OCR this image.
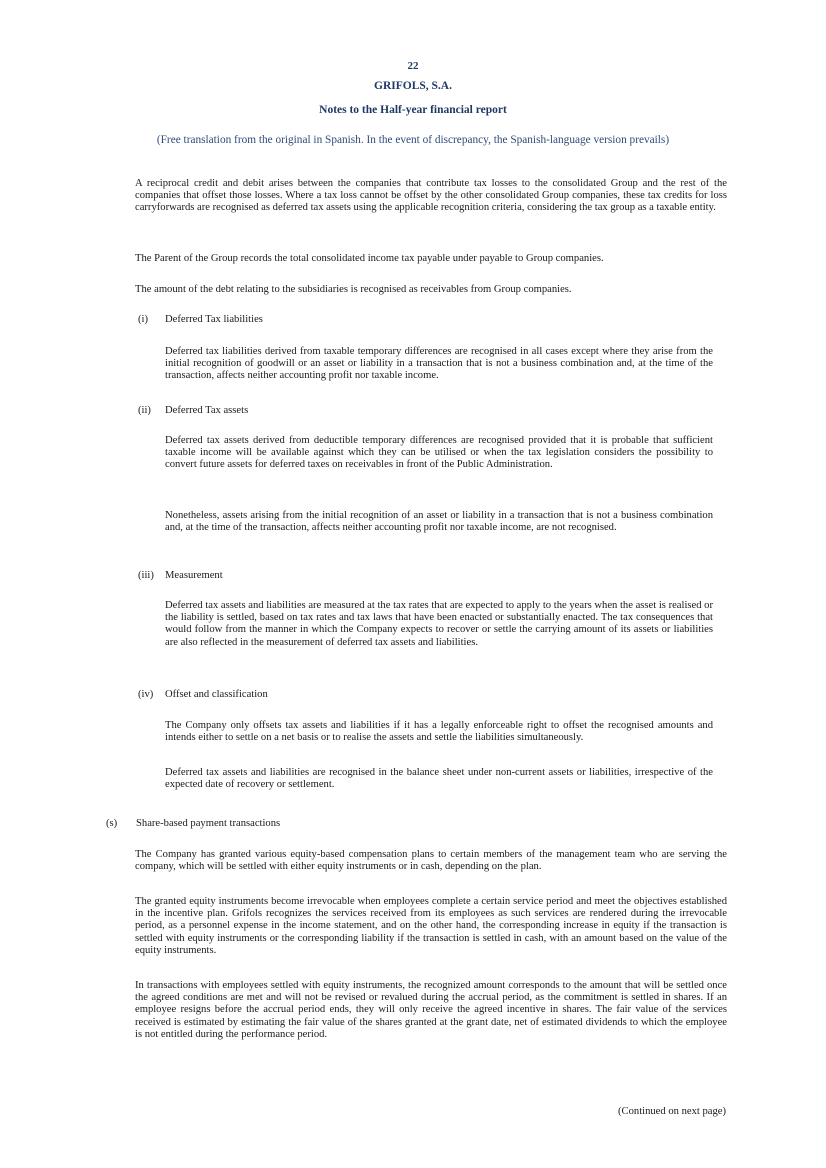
22
GRIFOLS, S.A.
Notes to the Half-year financial report
(Free translation from the original in Spanish. In the event of discrepancy, the Spanish-language version prevails)

A reciprocal credit and debit arises between the companies that contribute tax losses to the consolidated Group and the rest of the companies that offset those losses. Where a tax loss cannot be offset by the other consolidated Group companies, these tax credits for loss carryforwards are recognised as deferred tax assets using the applicable recognition criteria, considering the tax group as a taxable entity.

The Parent of the Group records the total consolidated income tax payable under payable to Group companies.

The amount of the debt relating to the subsidiaries is recognised as receivables from Group companies.

(i) Deferred Tax liabilities

Deferred tax liabilities derived from taxable temporary differences are recognised in all cases except where they arise from the initial recognition of goodwill or an asset or liability in a transaction that is not a business combination and, at the time of the transaction, affects neither accounting profit nor taxable income.

(ii) Deferred Tax assets

Deferred tax assets derived from deductible temporary differences are recognised provided that it is probable that sufficient taxable income will be available against which they can be utilised or when the tax legislation considers the possibility to convert future assets for deferred taxes on receivables in front of the Public Administration.

Nonetheless, assets arising from the initial recognition of an asset or liability in a transaction that is not a business combination and, at the time of the transaction, affects neither accounting profit nor taxable income, are not recognised.

(iii) Measurement

Deferred tax assets and liabilities are measured at the tax rates that are expected to apply to the years when the asset is realised or the liability is settled, based on tax rates and tax laws that have been enacted or substantially enacted. The tax consequences that would follow from the manner in which the Company expects to recover or settle the carrying amount of its assets or liabilities are also reflected in the measurement of deferred tax assets and liabilities.

(iv) Offset and classification

The Company only offsets tax assets and liabilities if it has a legally enforceable right to offset the recognised amounts and intends either to settle on a net basis or to realise the assets and settle the liabilities simultaneously.

Deferred tax assets and liabilities are recognised in the balance sheet under non-current assets or liabilities, irrespective of the expected date of recovery or settlement.

(s) Share-based payment transactions

The Company has granted various equity-based compensation plans to certain members of the management team who are serving the company, which will be settled with either equity instruments or in cash, depending on the plan.

The granted equity instruments become irrevocable when employees complete a certain service period and meet the objectives established in the incentive plan. Grifols recognizes the services received from its employees as such services are rendered during the irrevocable period, as a personnel expense in the income statement, and on the other hand, the corresponding increase in equity if the transaction is settled with equity instruments or the corresponding liability if the transaction is settled in cash, with an amount based on the value of the equity instruments.

In transactions with employees settled with equity instruments, the recognized amount corresponds to the amount that will be settled once the agreed conditions are met and will not be revised or revalued during the accrual period, as the commitment is settled in shares. If an employee resigns before the accrual period ends, they will only receive the agreed incentive in shares. The fair value of the services received is estimated by estimating the fair value of the shares granted at the grant date, net of estimated dividends to which the employee is not entitled during the performance period.

(Continued on next page)
